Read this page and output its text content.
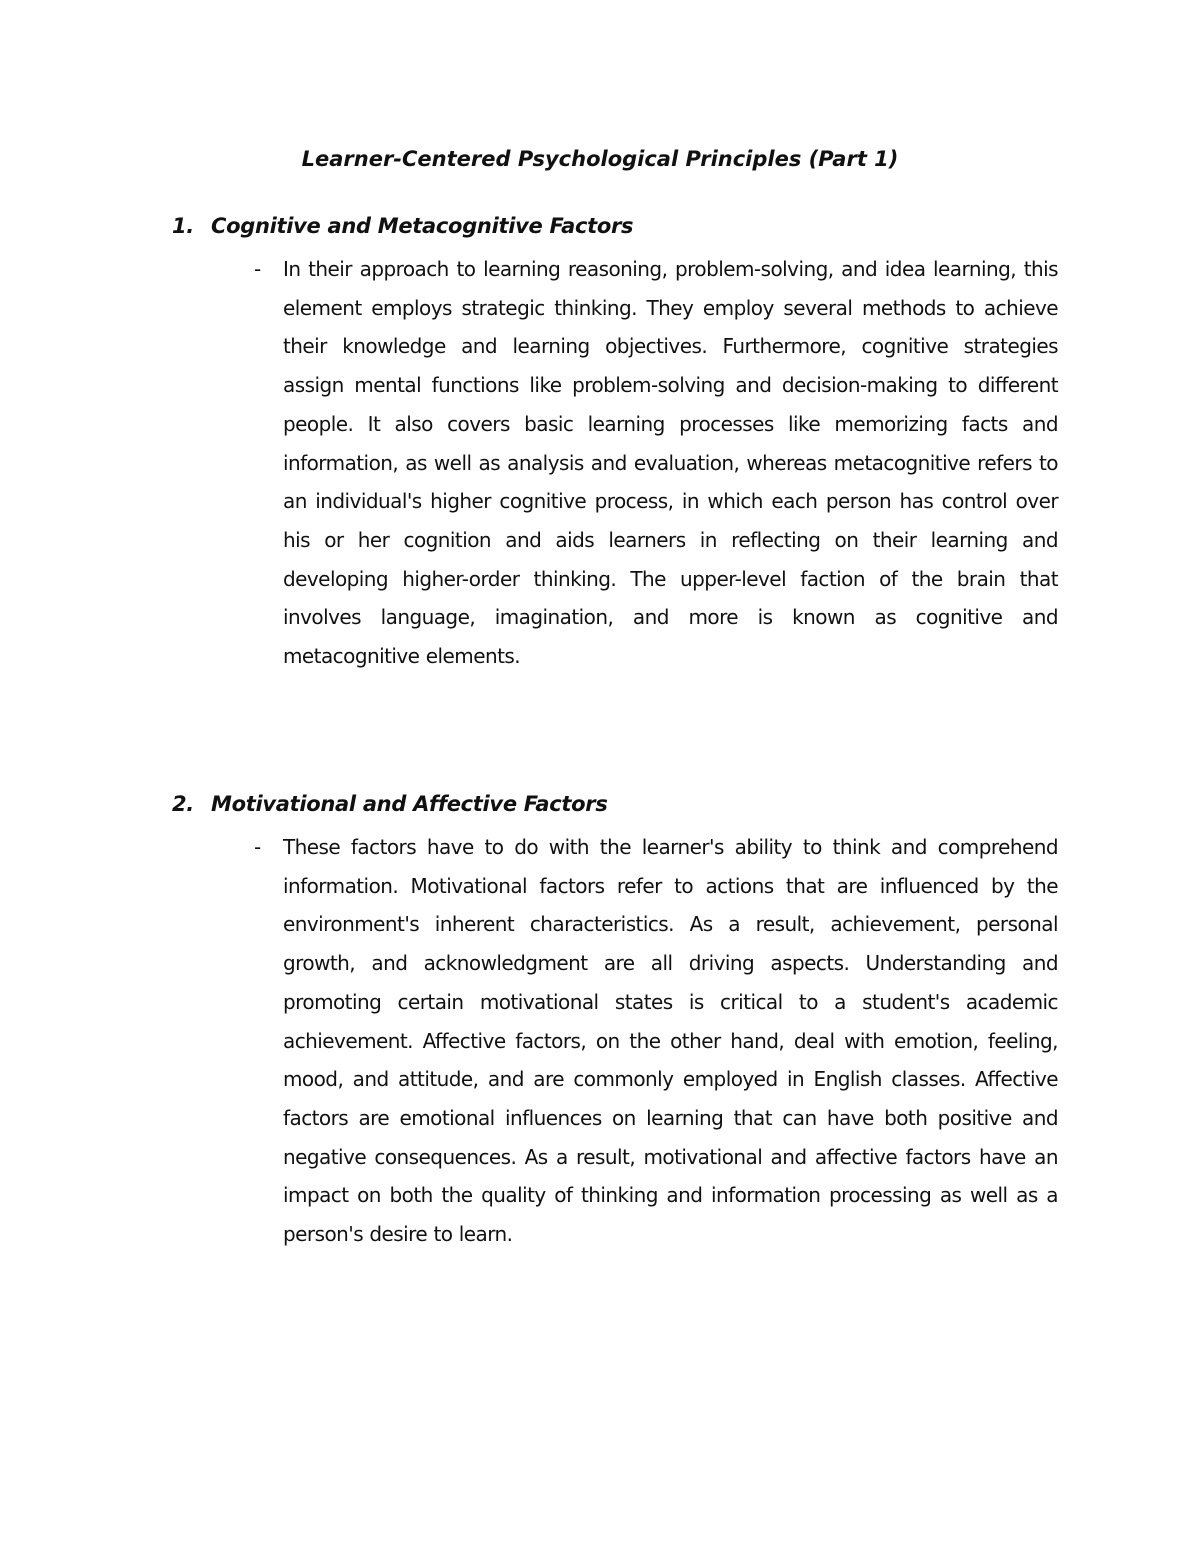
Learner-Centered Psychological Principles (Part 1)
1. Cognitive and Metacognitive Factors
- In their approach to learning reasoning, problem-solving, and idea learning, this element employs strategic thinking. They employ several methods to achieve their knowledge and learning objectives. Furthermore, cognitive strategies assign mental functions like problem-solving and decision-making to different people. It also covers basic learning processes like memorizing facts and information, as well as analysis and evaluation, whereas metacognitive refers to an individual's higher cognitive process, in which each person has control over his or her cognition and aids learners in reflecting on their learning and developing higher-order thinking. The upper-level faction of the brain that involves language, imagination, and more is known as cognitive and metacognitive elements.
2. Motivational and Affective Factors
- These factors have to do with the learner's ability to think and comprehend information. Motivational factors refer to actions that are influenced by the environment's inherent characteristics. As a result, achievement, personal growth, and acknowledgment are all driving aspects. Understanding and promoting certain motivational states is critical to a student's academic achievement. Affective factors, on the other hand, deal with emotion, feeling, mood, and attitude, and are commonly employed in English classes. Affective factors are emotional influences on learning that can have both positive and negative consequences. As a result, motivational and affective factors have an impact on both the quality of thinking and information processing as well as a person's desire to learn.
